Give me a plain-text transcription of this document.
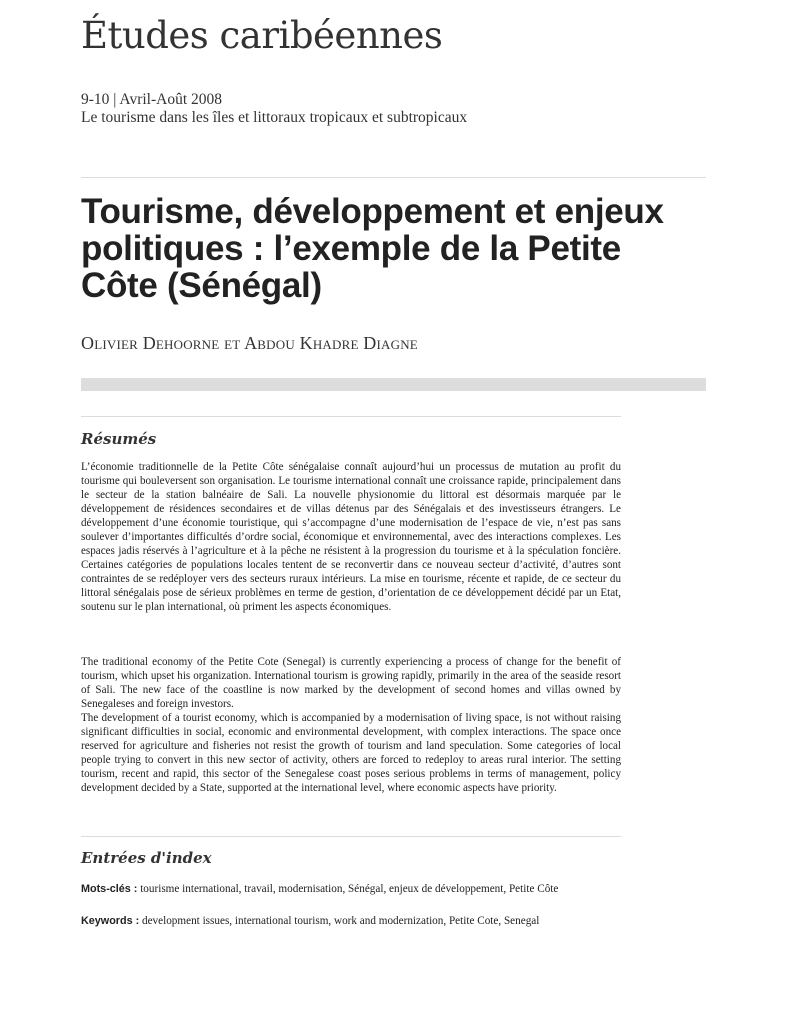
Études caribéennes
9-10 | Avril-Août 2008
Le tourisme dans les îles et littoraux tropicaux et subtropicaux
Tourisme, développement et enjeux politiques : l’exemple de la Petite Côte (Sénégal)
Olivier Dehoorne et Abdou Khadre Diagne
Résumés

L’économie traditionnelle de la Petite Côte sénégalaise connaît aujourd’hui un processus de mutation au profit du tourisme qui bouleversent son organisation. Le tourisme international connaît une croissance rapide, principalement dans le secteur de la station balnéaire de Sali. La nouvelle physionomie du littoral est désormais marquée par le développement de résidences secondaires et de villas détenus par des Sénégalais et des investisseurs étrangers. Le développement d’une économie touristique, qui s’accompagne d’une modernisation de l’espace de vie, n’est pas sans soulever d’importantes difficultés d’ordre social, économique et environnemental, avec des interactions complexes. Les espaces jadis réservés à l’agriculture et à la pêche ne résistent à la progression du tourisme et à la spéculation foncière. Certaines catégories de populations locales tentent de se reconvertir dans ce nouveau secteur d’activité, d’autres sont contraintes de se redéployer vers des secteurs ruraux intérieurs. La mise en tourisme, récente et rapide, de ce secteur du littoral sénégalais pose de sérieux problèmes en terme de gestion, d’orientation de ce développement décidé par un Etat, soutenu sur le plan international, où priment les aspects économiques.

The traditional economy of the Petite Cote (Senegal) is currently experiencing a process of change for the benefit of tourism, which upset his organization. International tourism is growing rapidly, primarily in the area of the seaside resort of Sali. The new face of the coastline is now marked by the development of second homes and villas owned by Senegaleses and foreign investors.

The development of a tourist economy, which is accompanied by a modernisation of living space, is not without raising significant difficulties in social, economic and environmental development, with complex interactions. The space once reserved for agriculture and fisheries not resist the growth of tourism and land speculation. Some categories of local people trying to convert in this new sector of activity, others are forced to redeploy to areas rural interior. The setting tourism, recent and rapid, this sector of the Senegalese coast poses serious problems in terms of management, policy development decided by a State, supported at the international level, where economic aspects have priority.

Entrées d'index
Mots-clés : tourisme international, travail, modernisation, Sénégal, enjeux de développement, Petite Côte
Keywords : development issues, international tourism, work and modernization, Petite Cote, Senegal
